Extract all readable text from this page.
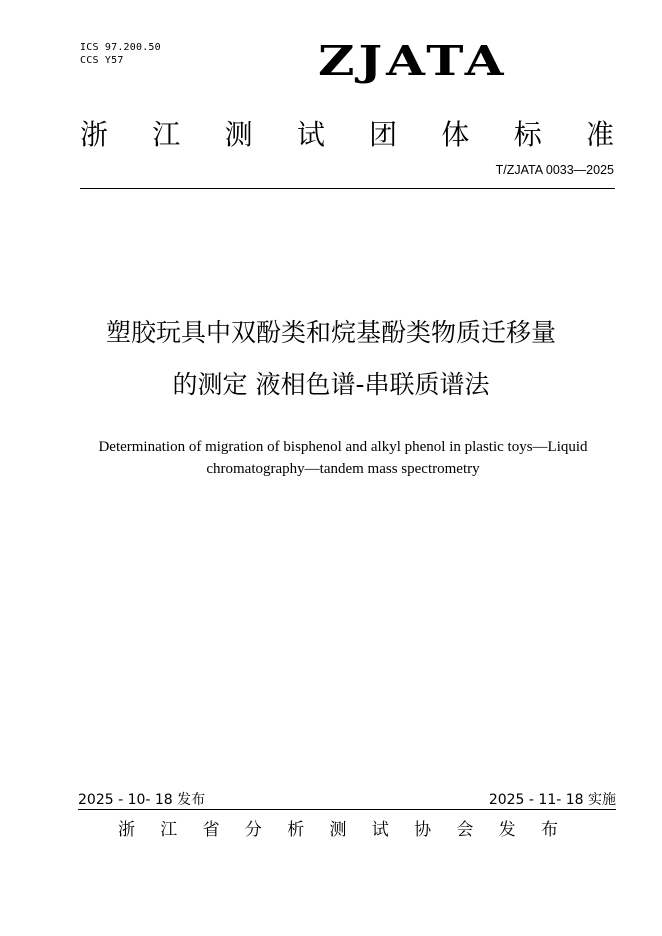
ICS 97.200.50
CCS Y57	ZJATA
浙 江 测 试 团 体 标 准
T/ZJATA 0033—2025
塑胶玩具中双酚类和烷基酚类物质迁移量
的测定 液相色谱-串联质谱法
Determination of migration of bisphenol and alkyl phenol in plastic toys—Liquid
chromatography—tandem mass spectrometry
2025 - 10- 18 发布	2025 - 11- 18 实施
浙 江 省 分 析 测 试 协 会 发 布
